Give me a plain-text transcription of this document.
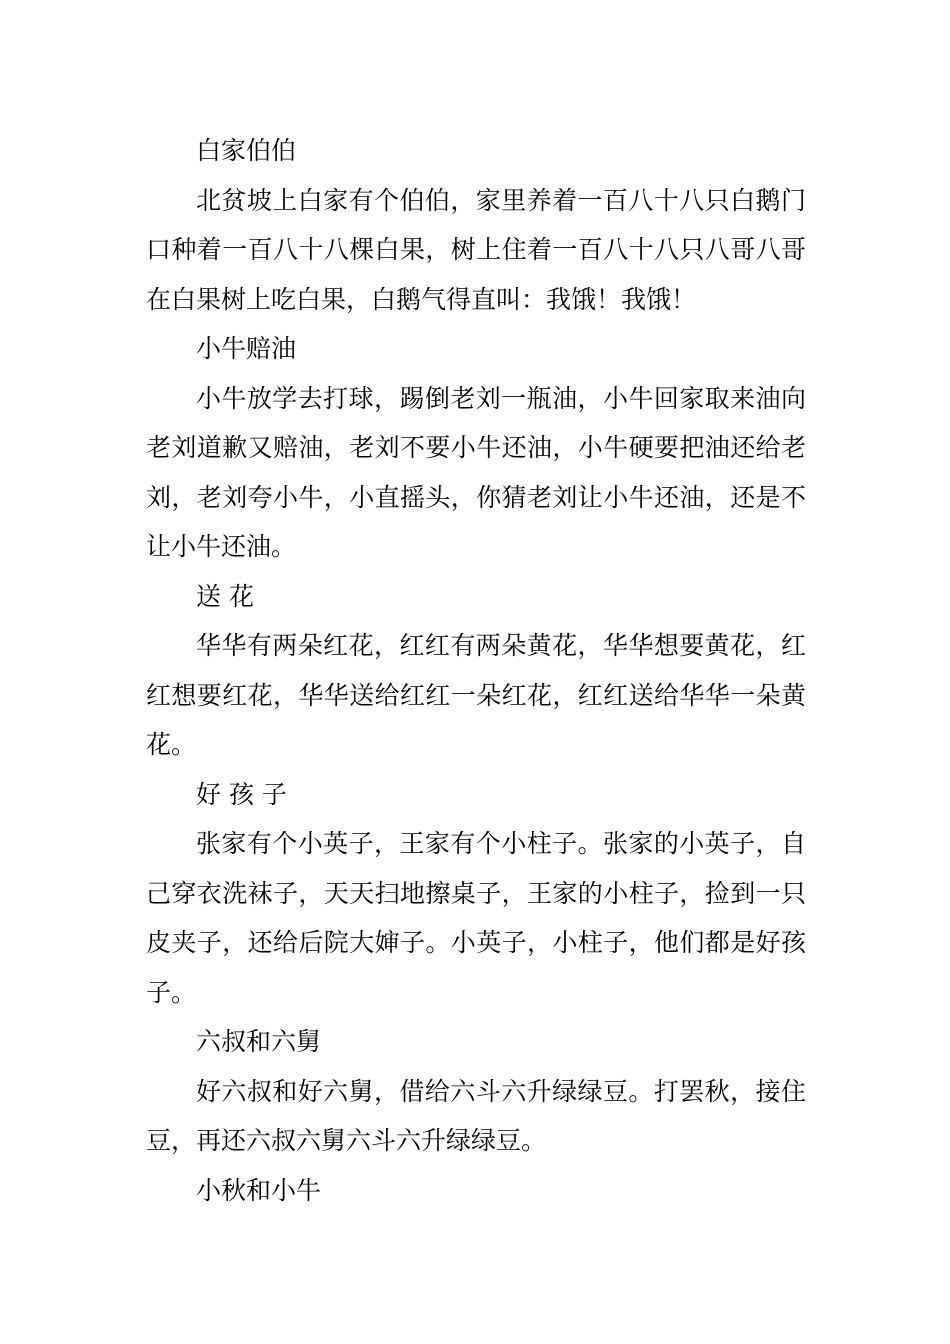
白家伯伯

北贫坡上白家有个伯伯，家里养着一百八十八只白鹅门口种着一百八十八棵白果，树上住着一百八十八只八哥八哥在白果树上吃白果，白鹅气得直叫：我饿！我饿！

小牛赔油

小牛放学去打球，踢倒老刘一瓶油，小牛回家取来油向老刘道歉又赔油，老刘不要小牛还油，小牛硬要把油还给老刘，老刘夸小牛，小直摇头，你猜老刘让小牛还油，还是不让小牛还油。

送 花

华华有两朵红花，红红有两朵黄花，华华想要黄花，红红想要红花，华华送给红红一朵红花，红红送给华华一朵黄花。

好 孩 子

张家有个小英子，王家有个小柱子。张家的小英子，自己穿衣洗袜子，天天扫地擦桌子，王家的小柱子，捡到一只皮夹子，还给后院大婶子。小英子，小柱子，他们都是好孩子。

六叔和六舅

好六叔和好六舅，借给六斗六升绿绿豆。打罢秋，接住豆，再还六叔六舅六斗六升绿绿豆。

小秋和小牛
